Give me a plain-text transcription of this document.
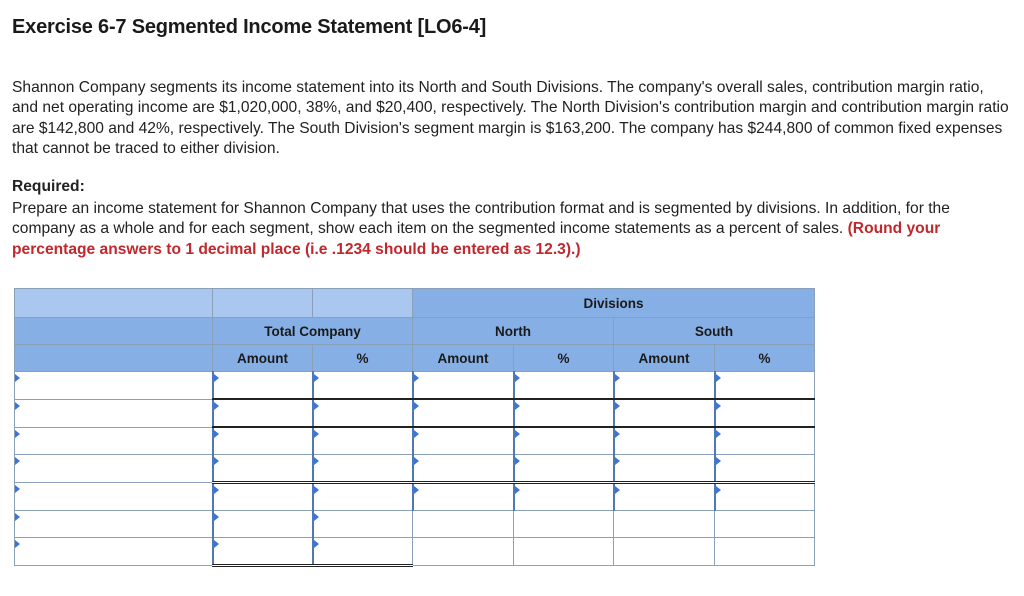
Exercise 6-7 Segmented Income Statement [LO6-4]

Shannon Company segments its income statement into its North and South Divisions. The company's overall sales, contribution margin ratio, and net operating income are $1,020,000, 38%, and $20,400, respectively. The North Division's contribution margin and contribution margin ratio are $142,800 and 42%, respectively. The South Division's segment margin is $163,200. The company has $244,800 of common fixed expenses that cannot be traced to either division.

Required:

Prepare an income statement for Shannon Company that uses the contribution format and is segmented by divisions. In addition, for the company as a whole and for each segment, show each item on the segmented income statements as a percent of sales. (Round your percentage answers to 1 decimal place (i.e .1234 should be entered as 12.3).)

			Divisions			
	Total Company		North		South	
	Amount	%	Amount	%	Amount	%
